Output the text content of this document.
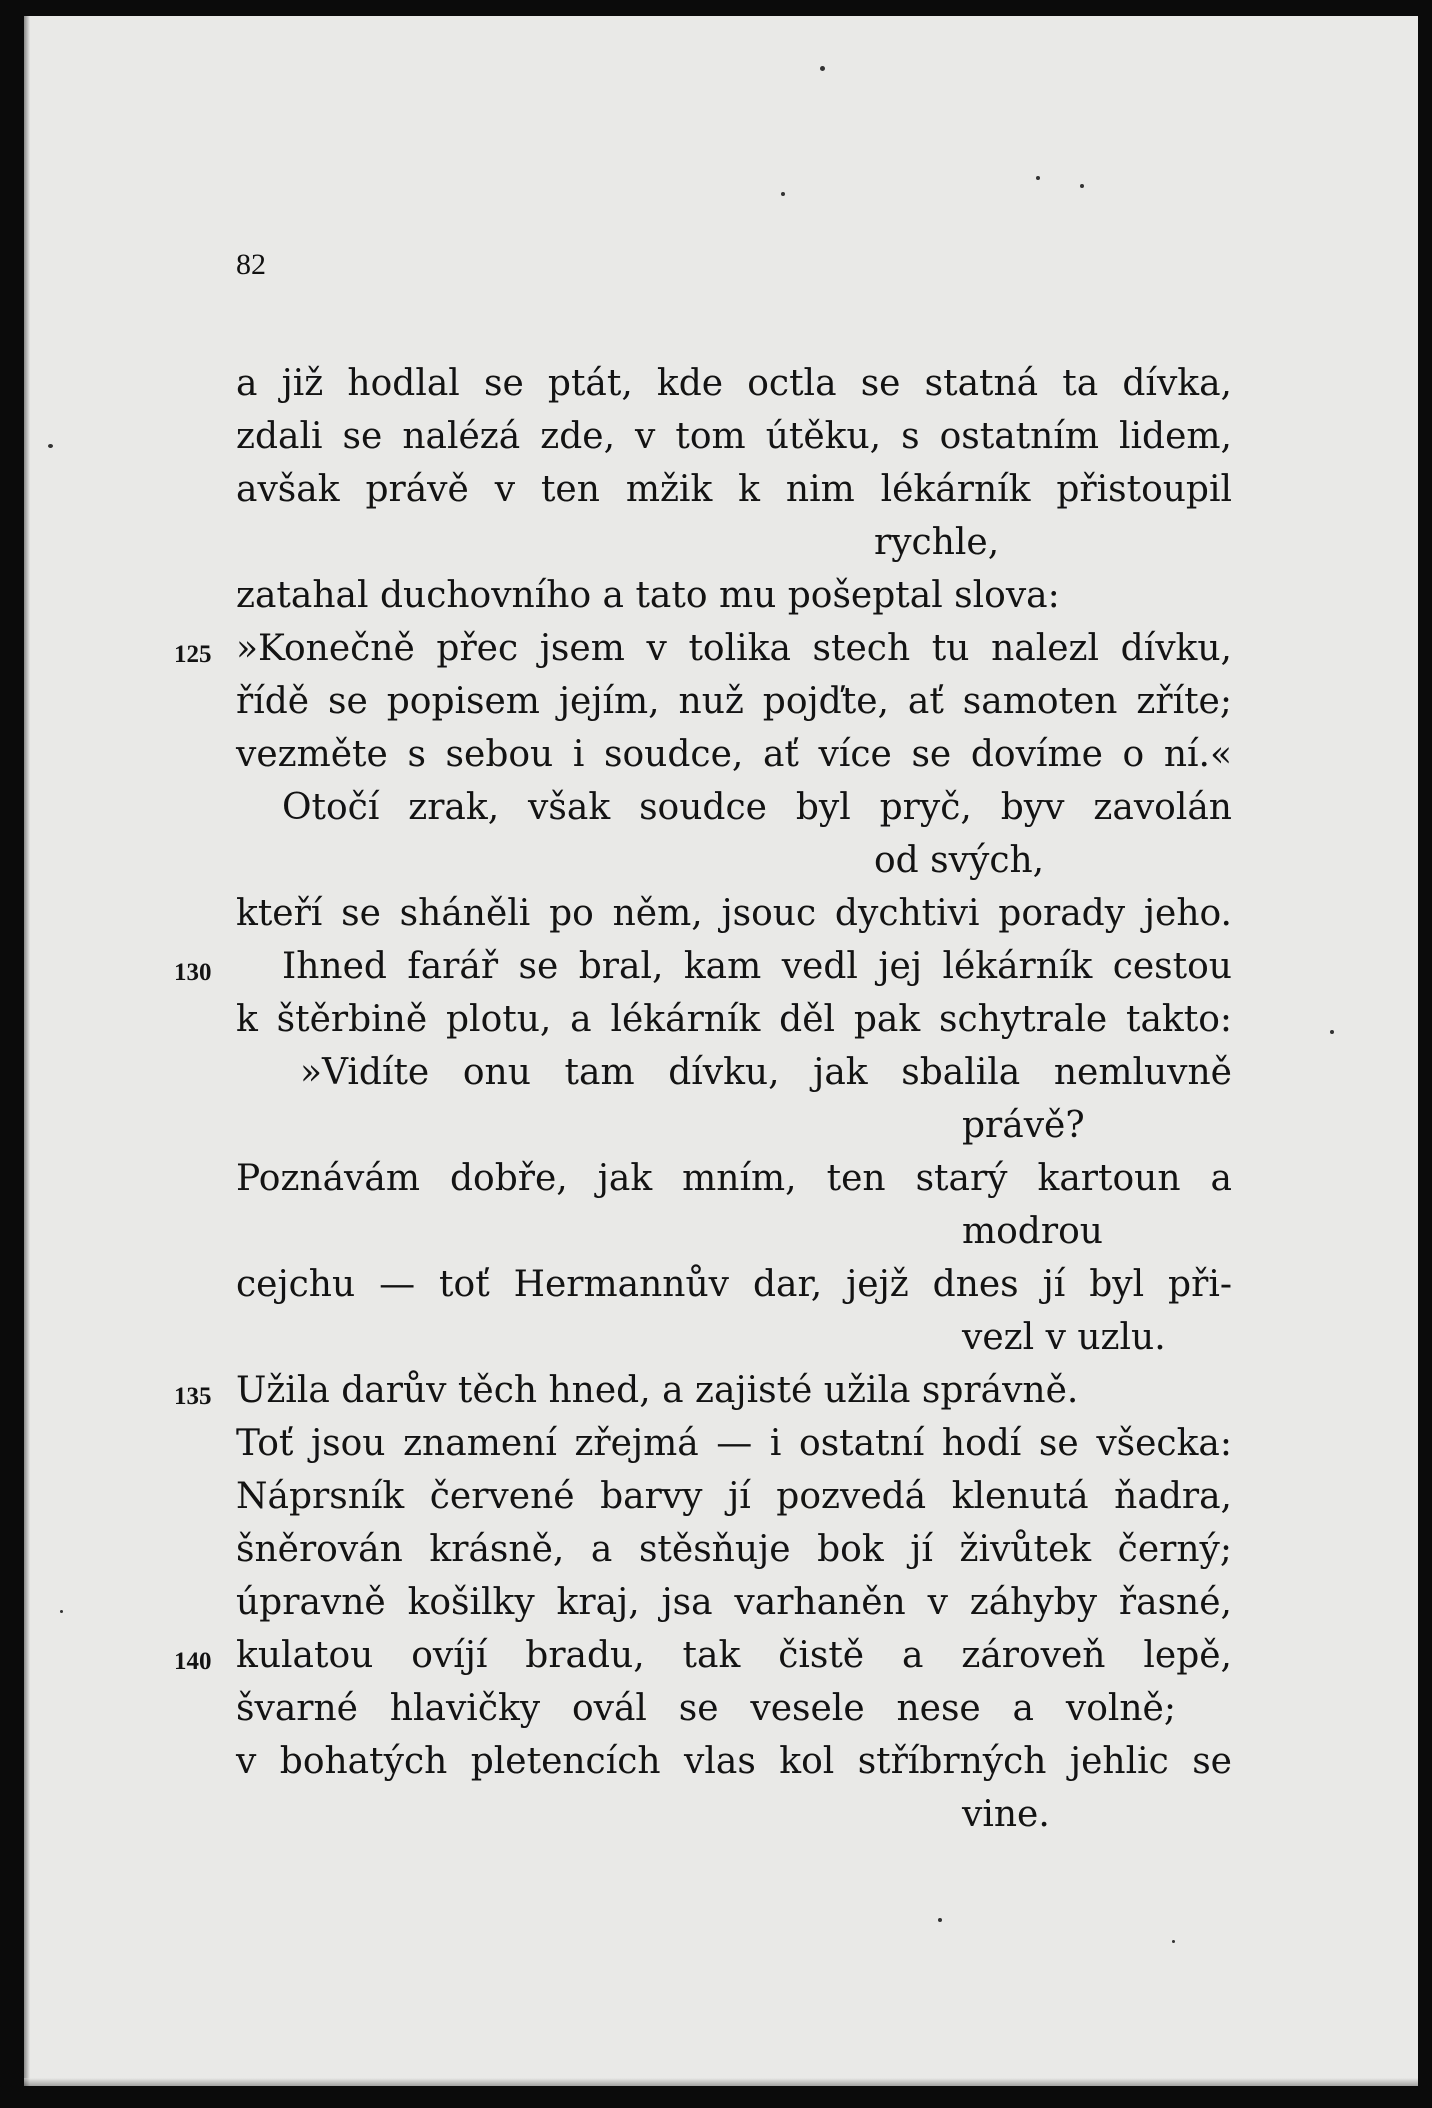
82
a již hodlal se ptát, kde octla se statná ta dívka,
zdali se nalézá zde, v tom útěku, s ostatním lidem,
avšak právě v ten mžik k nim lékárník přistoupil
rychle,
zatahal duchovního a tato mu pošeptal slova:
»Konečně přec jsem v tolika stech tu nalezl dívku,
125
řídě se popisem jejím, nuž pojďte, ať samoten zříte;
vezměte s sebou i soudce, ať více se dovíme o ní.«
Otočí zrak, však soudce byl pryč, byv zavolán
od svých,
kteří se sháněli po něm, jsouc dychtivi porady jeho.
Ihned farář se bral, kam vedl jej lékárník cestou
130
k štěrbině plotu, a lékárník děl pak schytrale takto:
»Vidíte onu tam dívku, jak sbalila nemluvně
právě?
Poznávám dobře, jak mním, ten starý kartoun a
modrou
cejchu — toť Hermannův dar, jejž dnes jí byl při-
vezl v uzlu.
Užila darův těch hned, a zajisté užila správně.
135
Toť jsou znamení zřejmá — i ostatní hodí se všecka:
Náprsník červené barvy jí pozvedá klenutá ňadra,
šněrován krásně, a stěsňuje bok jí živůtek černý;
úpravně košilky kraj, jsa varhaněn v záhyby řasné,
kulatou ovíjí bradu, tak čistě a zároveň lepě,
140
švarné hlavičky ovál se vesele nese a volně;
v bohatých pletencích vlas kol stříbrných jehlic se
vine.
